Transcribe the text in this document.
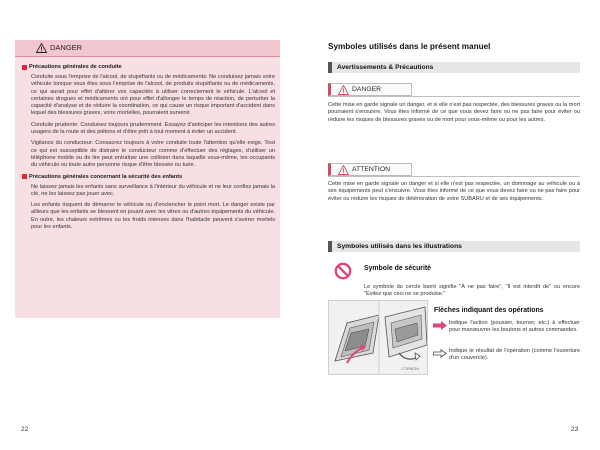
DANGER
Précautions générales de conduite

Conduite sous l'emprise de l'alcool, de stupéfiants ou de médicaments: Ne conduisez jamais votre véhicule lorsque vous êtes sous l'emprise de l'alcool, de produits stupéfiants ou de médicaments, ce qui aurait pour effet d'altérer vos capacités à utiliser correctement le véhicule. L'alcool et certaines drogues et médicaments ont pour effet d'allonger le temps de réaction, de perturber la capacité d'analyse et de réduire la coordination, ce qui cause un risque important d'accident dans lequel des blessures graves, voire mortelles, pourraient survenir.

Conduite prudente: Conduisez toujours prudemment. Essayez d'anticiper les intentions des autres usagers de la route et des piétons et d'être prêt à tout moment à éviter un accident.

Vigilance du conducteur: Consacrez toujours à votre conduite toute l'attention qu'elle exige. Tout ce qui est susceptible de distraire le conducteur comme d'effectuer des réglages, d'utiliser un téléphone mobile ou de lire peut entraîner une collision dans laquelle vous-même, les occupants du véhicule ou toute autre personne risque d'être blessée ou tuée.

Précautions générales concernant la sécurité des enfants

Ne laissez jamais les enfants sans surveillance à l'intérieur du véhicule et ne leur confiez jamais la clé, ne les laissez pas jouer avec.

Les enfants risquent de démarrer le véhicule ou d'enclencher le point mort. Le danger existe par ailleurs que les enfants se blessent en jouant avec les vitres ou d'autres équipements du véhicule. En outre, les chaleurs extrêmes ou les froids intenses dans l'habitacle peuvent s'avérer mortels pour les enfants.

22
Symboles utilisés dans le présent manuel
Avertissements & Précautions
DANGER

Cette mise en garde signale un danger, et si elle n'est pas respectée, des blessures graves ou la mort pourraient s'ensuivre. Vous êtes informé de ce que vous devez faire ou ne pas faire pour éviter ou réduire les risques de blessures graves ou de mort pour vous-même ou pour les autres.

ATTENTION

Cette mise en garde signale un danger et si elle n'est pas respectée, un dommage au véhicule ou à ses équipements peut s'ensuivre. Vous êtes informé de ce que vous devez faire ou ne pas faire pour éviter ou réduire les risques de détérioration de votre SUBARU et de ses équipements.

Symboles utilisés dans les illustrations
Symbole de sécurité

Le symbole du cercle barré signifie "À ne pas faire", "Il est interdit de" ou encore "Évitez que ceci ne se produise."

CTIP0671H
Flèches indiquant des opérations

Indique l'action (pousser, tourner, etc.) à effectuer pour manœuvrer les boutons et autres commandes.

Indique le résultat de l'opération (comme l'ouverture d'un couvercle).

23
